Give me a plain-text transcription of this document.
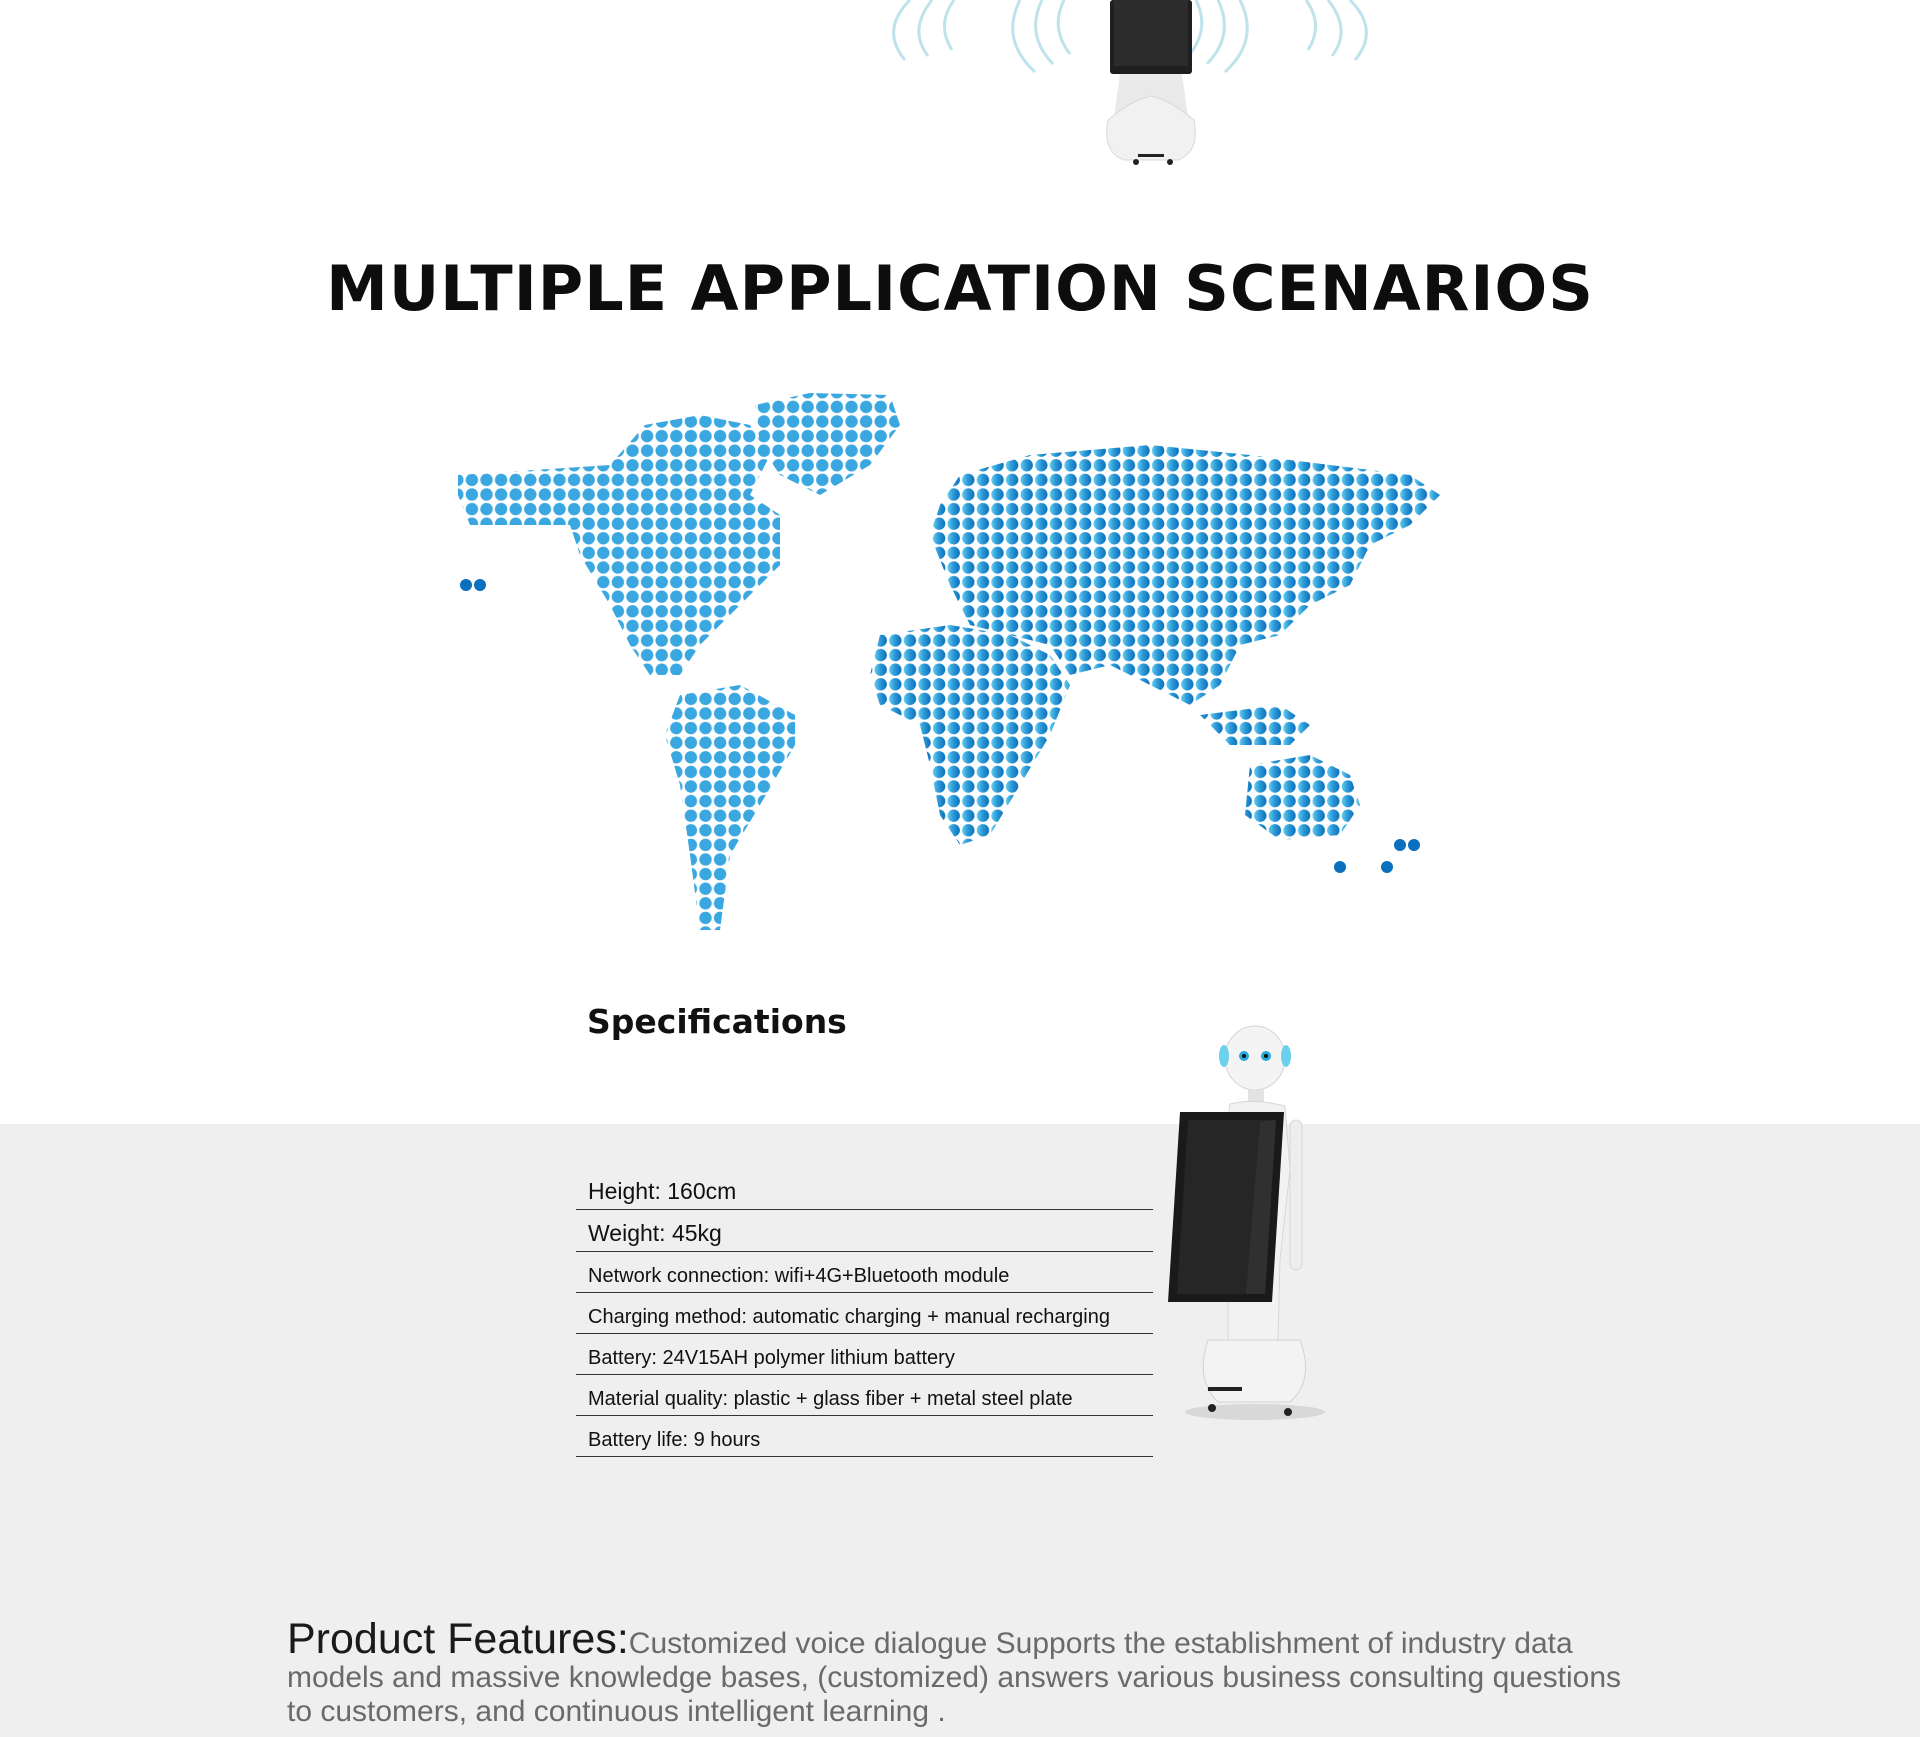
MULTIPLE APPLICATION SCENARIOS
Specifications
Height: 160cm
Weight: 45kg
Network connection: wifi+4G+Bluetooth module
Charging method: automatic charging + manual recharging
Battery: 24V15AH polymer lithium battery
Material quality: plastic + glass fiber + metal steel plate
Battery life: 9 hours

Product Features:Customized voice dialogue Supports the establishment of industry data models and massive knowledge bases, (customized) answers various business consulting questions to customers, and continuous intelligent learning .
